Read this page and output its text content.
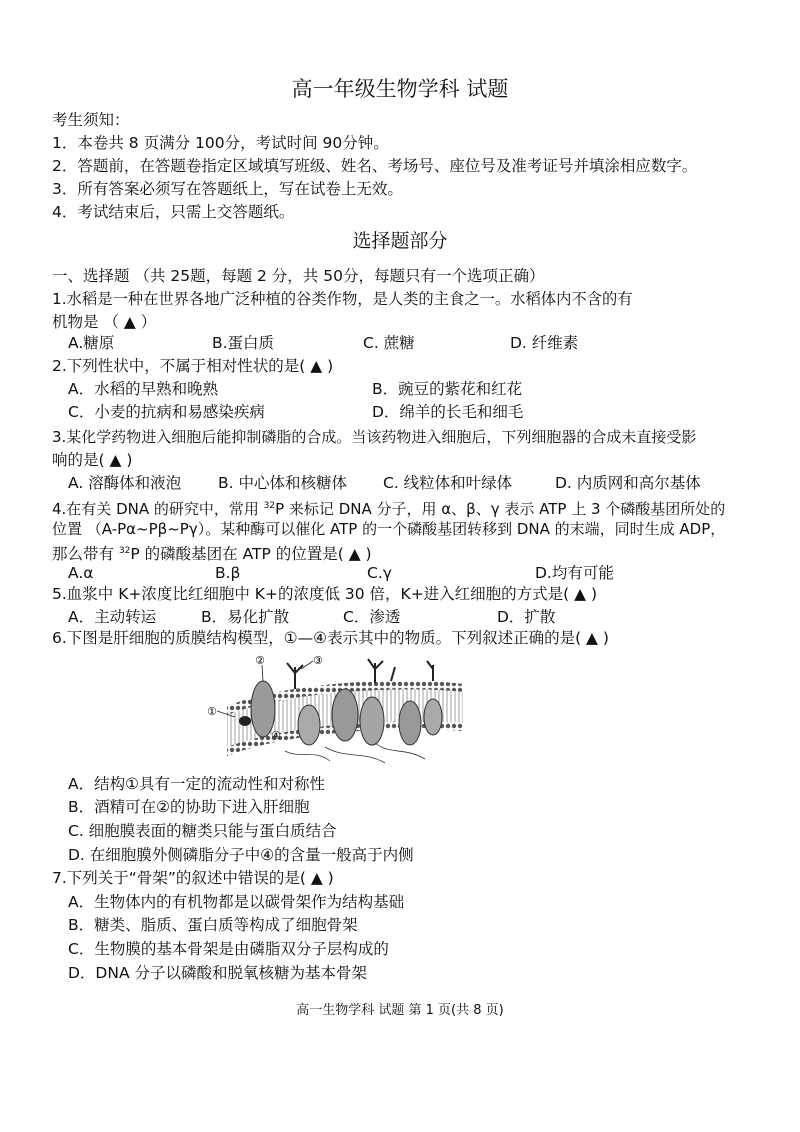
高一年级生物学科 试题
考生须知：
1．本卷共 8 页满分 100分，考试时间 90分钟。
2．答题前，在答题卷指定区域填写班级、姓名、考场号、座位号及准考证号并填涂相应数字。
3．所有答案必须写在答题纸上，写在试卷上无效。
4．考试结束后，只需上交答题纸。
选择题部分
一、选择题 （共 25题，每题 2 分，共 50分，每题只有一个选项正确）
1.水稻是一种在世界各地广泛种植的谷类作物，是人类的主食之一。水稻体内不含的有
机物是 （ ▲ ）
A.糖原	B.蛋白质	C. 蔗糖	D. 纤维素
2.下列性状中，不属于相对性状的是( ▲ )
A．水稻的早熟和晚熟	B．豌豆的紫花和红花
C．小麦的抗病和易感染疾病	D．绵羊的长毛和细毛
3.某化学药物进入细胞后能抑制磷脂的合成。当该药物进入细胞后，下列细胞器的合成未直接受影
响的是( ▲ )
A. 溶酶体和液泡 B. 中心体和核糖体 C. 线粒体和叶绿体	D. 内质网和高尔基体
4.在有关 DNA 的研究中，常用 $^{32}$P 来标记 DNA 分子，用 α、β、γ 表示 ATP 上 3 个磷酸基团所处的
位置 （A-Pα~Pβ~Pγ）。某种酶可以催化 ATP 的一个磷酸基团转移到 DNA 的末端，同时生成 ADP，
那么带有 $^{32}$P 的磷酸基团在 ATP 的位置是( ▲ )
A.α	B.β	C.γ	D.均有可能
5.血浆中 K+浓度比红细胞中 K+的浓度低 30 倍，K+进入红细胞的方式是( ▲ )
A．主动转运	B．易化扩散	C．渗透	D．扩散
6.下图是肝细胞的质膜结构模型，①—④表示其中的物质。下列叙述正确的是( ▲ )
②	③
①
④
A．结构①具有一定的流动性和对称性
B．酒精可在②的协助下进入肝细胞
C. 细胞膜表面的糖类只能与蛋白质结合
D. 在细胞膜外侧磷脂分子中④的含量一般高于内侧
7.下列关于“骨架”的叙述中错误的是( ▲ )
A．生物体内的有机物都是以碳骨架作为结构基础
B．糖类、脂质、蛋白质等构成了细胞骨架
C．生物膜的基本骨架是由磷脂双分子层构成的
D．DNA 分子以磷酸和脱氧核糖为基本骨架
高一生物学科 试题 第 1 页(共 8 页)
